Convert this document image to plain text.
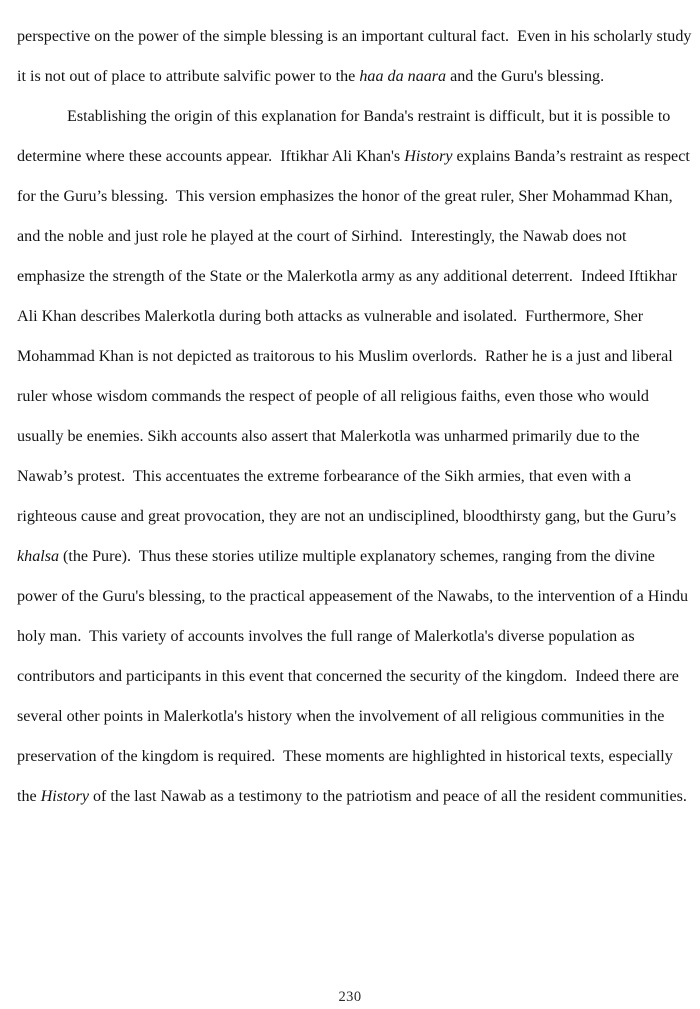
perspective on the power of the simple blessing is an important cultural fact.  Even in his scholarly study it is not out of place to attribute salvific power to the haa da naara and the Guru's blessing.

Establishing the origin of this explanation for Banda's restraint is difficult, but it is possible to determine where these accounts appear.  Iftikhar Ali Khan's History explains Banda’s restraint as respect for the Guru’s blessing.  This version emphasizes the honor of the great ruler, Sher Mohammad Khan, and the noble and just role he played at the court of Sirhind.  Interestingly, the Nawab does not emphasize the strength of the State or the Malerkotla army as any additional deterrent.  Indeed Iftikhar Ali Khan describes Malerkotla during both attacks as vulnerable and isolated.  Furthermore, Sher Mohammad Khan is not depicted as traitorous to his Muslim overlords.  Rather he is a just and liberal ruler whose wisdom commands the respect of people of all religious faiths, even those who would usually be enemies. Sikh accounts also assert that Malerkotla was unharmed primarily due to the Nawab’s protest.  This accentuates the extreme forbearance of the Sikh armies, that even with a righteous cause and great provocation, they are not an undisciplined, bloodthirsty gang, but the Guru’s khalsa (the Pure).  Thus these stories utilize multiple explanatory schemes, ranging from the divine power of the Guru's blessing, to the practical appeasement of the Nawabs, to the intervention of a Hindu holy man.  This variety of accounts involves the full range of Malerkotla's diverse population as contributors and participants in this event that concerned the security of the kingdom.  Indeed there are several other points in Malerkotla's history when the involvement of all religious communities in the preservation of the kingdom is required.  These moments are highlighted in historical texts, especially the History of the last Nawab as a testimony to the patriotism and peace of all the resident communities.

230
